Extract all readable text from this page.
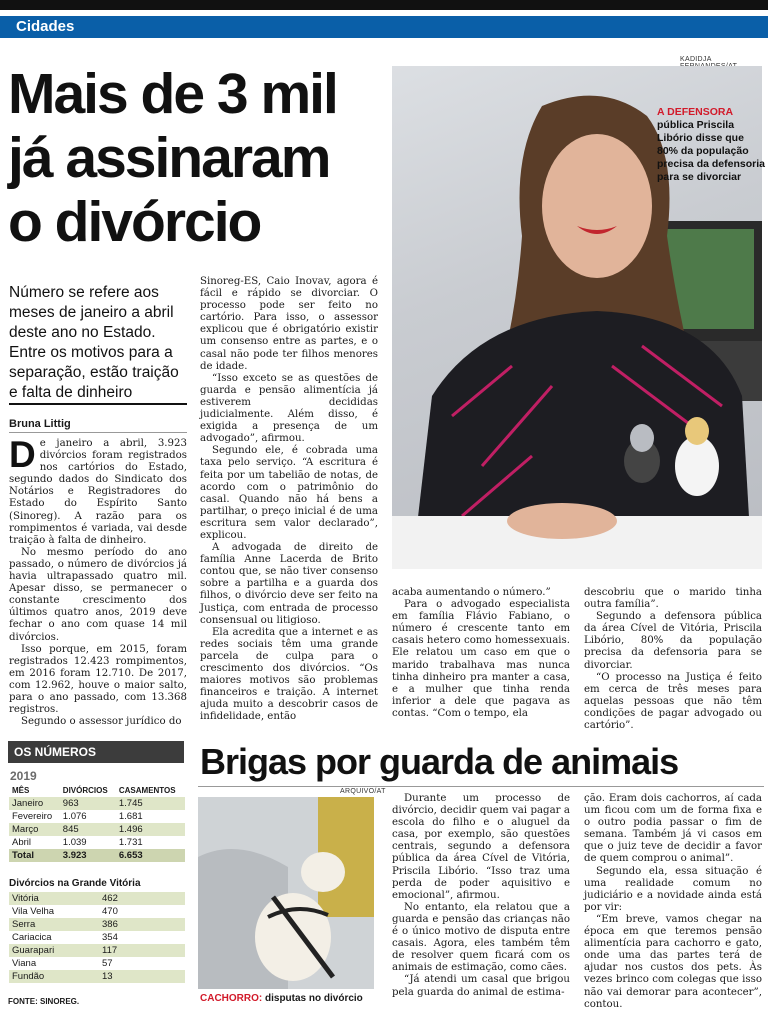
Cidades
Mais de 3 mil
já assinaram
o divórcio
Número se refere aos meses de janeiro a abril deste ano no Estado. Entre os motivos para a separação, estão traição e falta de dinheiro
Bruna Littig

De janeiro a abril, 3.923 divórcios foram registrados nos cartórios do Estado, segundo dados do Sindicato dos Notários e Registradores do Estado do Espírito Santo (Sinoreg). A razão para os rompimentos é variada, vai desde traição à falta de dinheiro.

No mesmo período do ano passado, o número de divórcios já havia ultrapassado quatro mil. Apesar disso, se permanecer o constante crescimento dos últimos quatro anos, 2019 deve fechar o ano com quase 14 mil divórcios.

Isso porque, em 2015, foram registrados 12.423 rompimentos, em 2016 foram 12.710. De 2017, com 12.962, houve o maior salto, para o ano passado, com 13.368 registros.

Segundo o assessor jurídico do

Sinoreg-ES, Caio Inovav, agora é fácil e rápido se divorciar. O processo pode ser feito no cartório. Para isso, o assessor explicou que é obrigatório existir um consenso entre as partes, e o casal não pode ter filhos menores de idade.

“Isso exceto se as questões de guarda e pensão alimentícia já estiverem decididas judicialmente. Além disso, é exigida a presença de um advogado”, afirmou.

Segundo ele, é cobrada uma taxa pelo serviço. “A escritura é feita por um tabelião de notas, de acordo com o patrimônio do casal. Quando não há bens a partilhar, o preço inicial é de uma escritura sem valor declarado”, explicou.

A advogada de direito de família Anne Lacerda de Brito contou que, se não tiver consenso sobre a partilha e a guarda dos filhos, o divórcio deve ser feito na Justiça, com entrada de processo consensual ou litigioso.

Ela acredita que a internet e as redes sociais têm uma grande parcela de culpa para o crescimento dos divórcios. “Os maiores motivos são problemas financeiros e traição. A internet ajuda muito a descobrir casos de infidelidade, então

KADIDJA
A DEFENSORA
pública Priscila Libório disse que 80% da população precisa da defensoria para se divorciar

acaba aumentando o número.”

Para o advogado especialista em família Flávio Fabiano, o número é crescente tanto em casais hetero como homessexuais. Ele relatou um caso em que o marido trabalhava mas nunca tinha dinheiro pra manter a casa, e a mulher que tinha renda inferior a dele que pagava as contas. “Com o tempo, ela

descobriu que o marido tinha outra família”.

Segundo a defensora pública da área Cível de Vitória, Priscila Libório, 80% da população precisa da defensoria para se divorciar.

“O processo na Justiça é feito em cerca de três meses para aquelas pessoas que não têm condições de pagar advogado ou cartório”.

OS NÚMEROS
2019
MÊS	DIVÓRCIOS	CASAMENTOS
Janeiro	963	1.745
Fevereiro	1.076	1.681
Março	845	1.496
Abril	1.039	1.731
Total	3.923	6.653
Divórcios na Grande Vitória
Vitória	462
Vila Velha	470
Serra	386
Cariacica	354
Guarapari	117
Viana	57
Fundão	13
FONTE: SINOREG.
Brigas por guarda de animais
ARQUIVO/AT
CACHORRO: disputas no divórcio

Durante um processo de divórcio, decidir quem vai pagar a escola do filho e o aluguel da casa, por exemplo, são questões centrais, segundo a defensora pública da área Cível de Vitória, Priscila Libório. “Isso traz uma perda de poder aquisitivo e emocional”, afirmou.

No entanto, ela relatou que a guarda e pensão das crianças não é o único motivo de disputa entre casais. Agora, eles também têm de resolver quem ficará com os animais de estimação, como cães.

“Já atendi um casal que brigou pela guarda do animal de estima-

ção. Eram dois cachorros, aí cada um ficou com um de forma fixa e o outro podia passar o fim de semana. Também já vi casos em que o juiz teve de decidir a favor de quem comprou o animal”.

Segundo ela, essa situação é uma realidade comum no judiciário e a novidade ainda está por vir:

“Em breve, vamos chegar na época em que teremos pensão alimentícia para cachorro e gato, onde uma das partes terá de ajudar nos custos dos pets. Às vezes brinco com colegas que isso não vai demorar para acontecer”, contou.
